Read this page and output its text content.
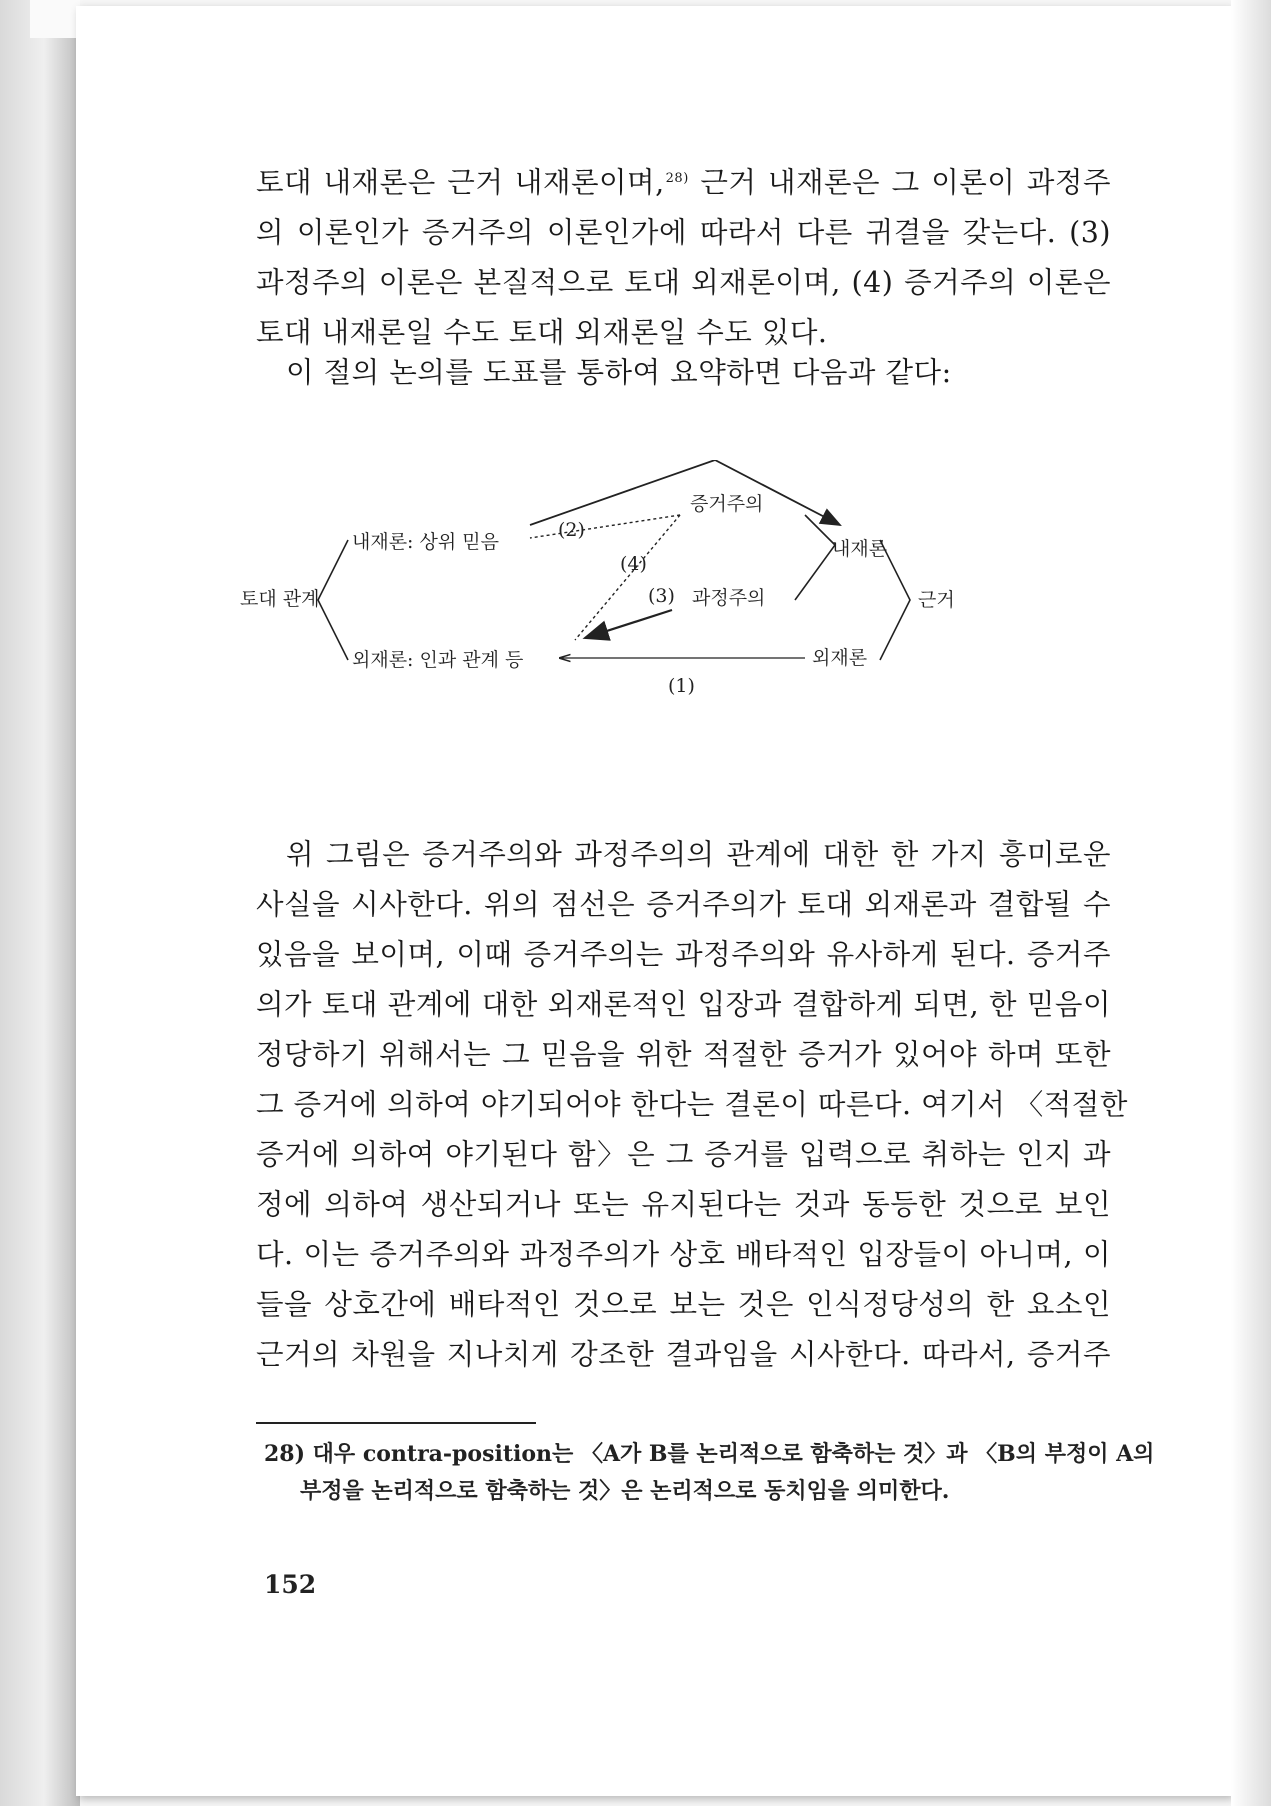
토대 내재론은 근거 내재론이며,$^{28)}$ 근거 내재론은 그 이론이 과정주
의 이론인가 증거주의 이론인가에 따라서 다른 귀결을 갖는다. (3)
과정주의 이론은 본질적으로 토대 외재론이며, (4) 증거주의 이론은
토대 내재론일 수도 토대 외재론일 수도 있다.
이 절의 논의를 도표를 통하여 요약하면 다음과 같다:
토대 관계
내재론: 상위 믿음
외재론: 인과 관계 등
증거주의
과정주의
내재론
외재론
근거
(1)
(2)
(3)
(4)
위 그림은 증거주의와 과정주의의 관계에 대한 한 가지 흥미로운
사실을 시사한다. 위의 점선은 증거주의가 토대 외재론과 결합될 수
있음을 보이며, 이때 증거주의는 과정주의와 유사하게 된다. 증거주
의가 토대 관계에 대한 외재론적인 입장과 결합하게 되면, 한 믿음이
정당하기 위해서는 그 믿음을 위한 적절한 증거가 있어야 하며 또한
그 증거에 의하여 야기되어야 한다는 결론이 따른다. 여기서 〈적절한
증거에 의하여 야기된다 함〉은 그 증거를 입력으로 취하는 인지 과
정에 의하여 생산되거나 또는 유지된다는 것과 동등한 것으로 보인
다. 이는 증거주의와 과정주의가 상호 배타적인 입장들이 아니며, 이
들을 상호간에 배타적인 것으로 보는 것은 인식정당성의 한 요소인
근거의 차원을 지나치게 강조한 결과임을 시사한다. 따라서, 증거주
28) 대우 contra-position는 〈A가 B를 논리적으로 함축하는 것〉과 〈B의 부정이 A의
부정을 논리적으로 함축하는 것〉은 논리적으로 동치임을 의미한다.
152
